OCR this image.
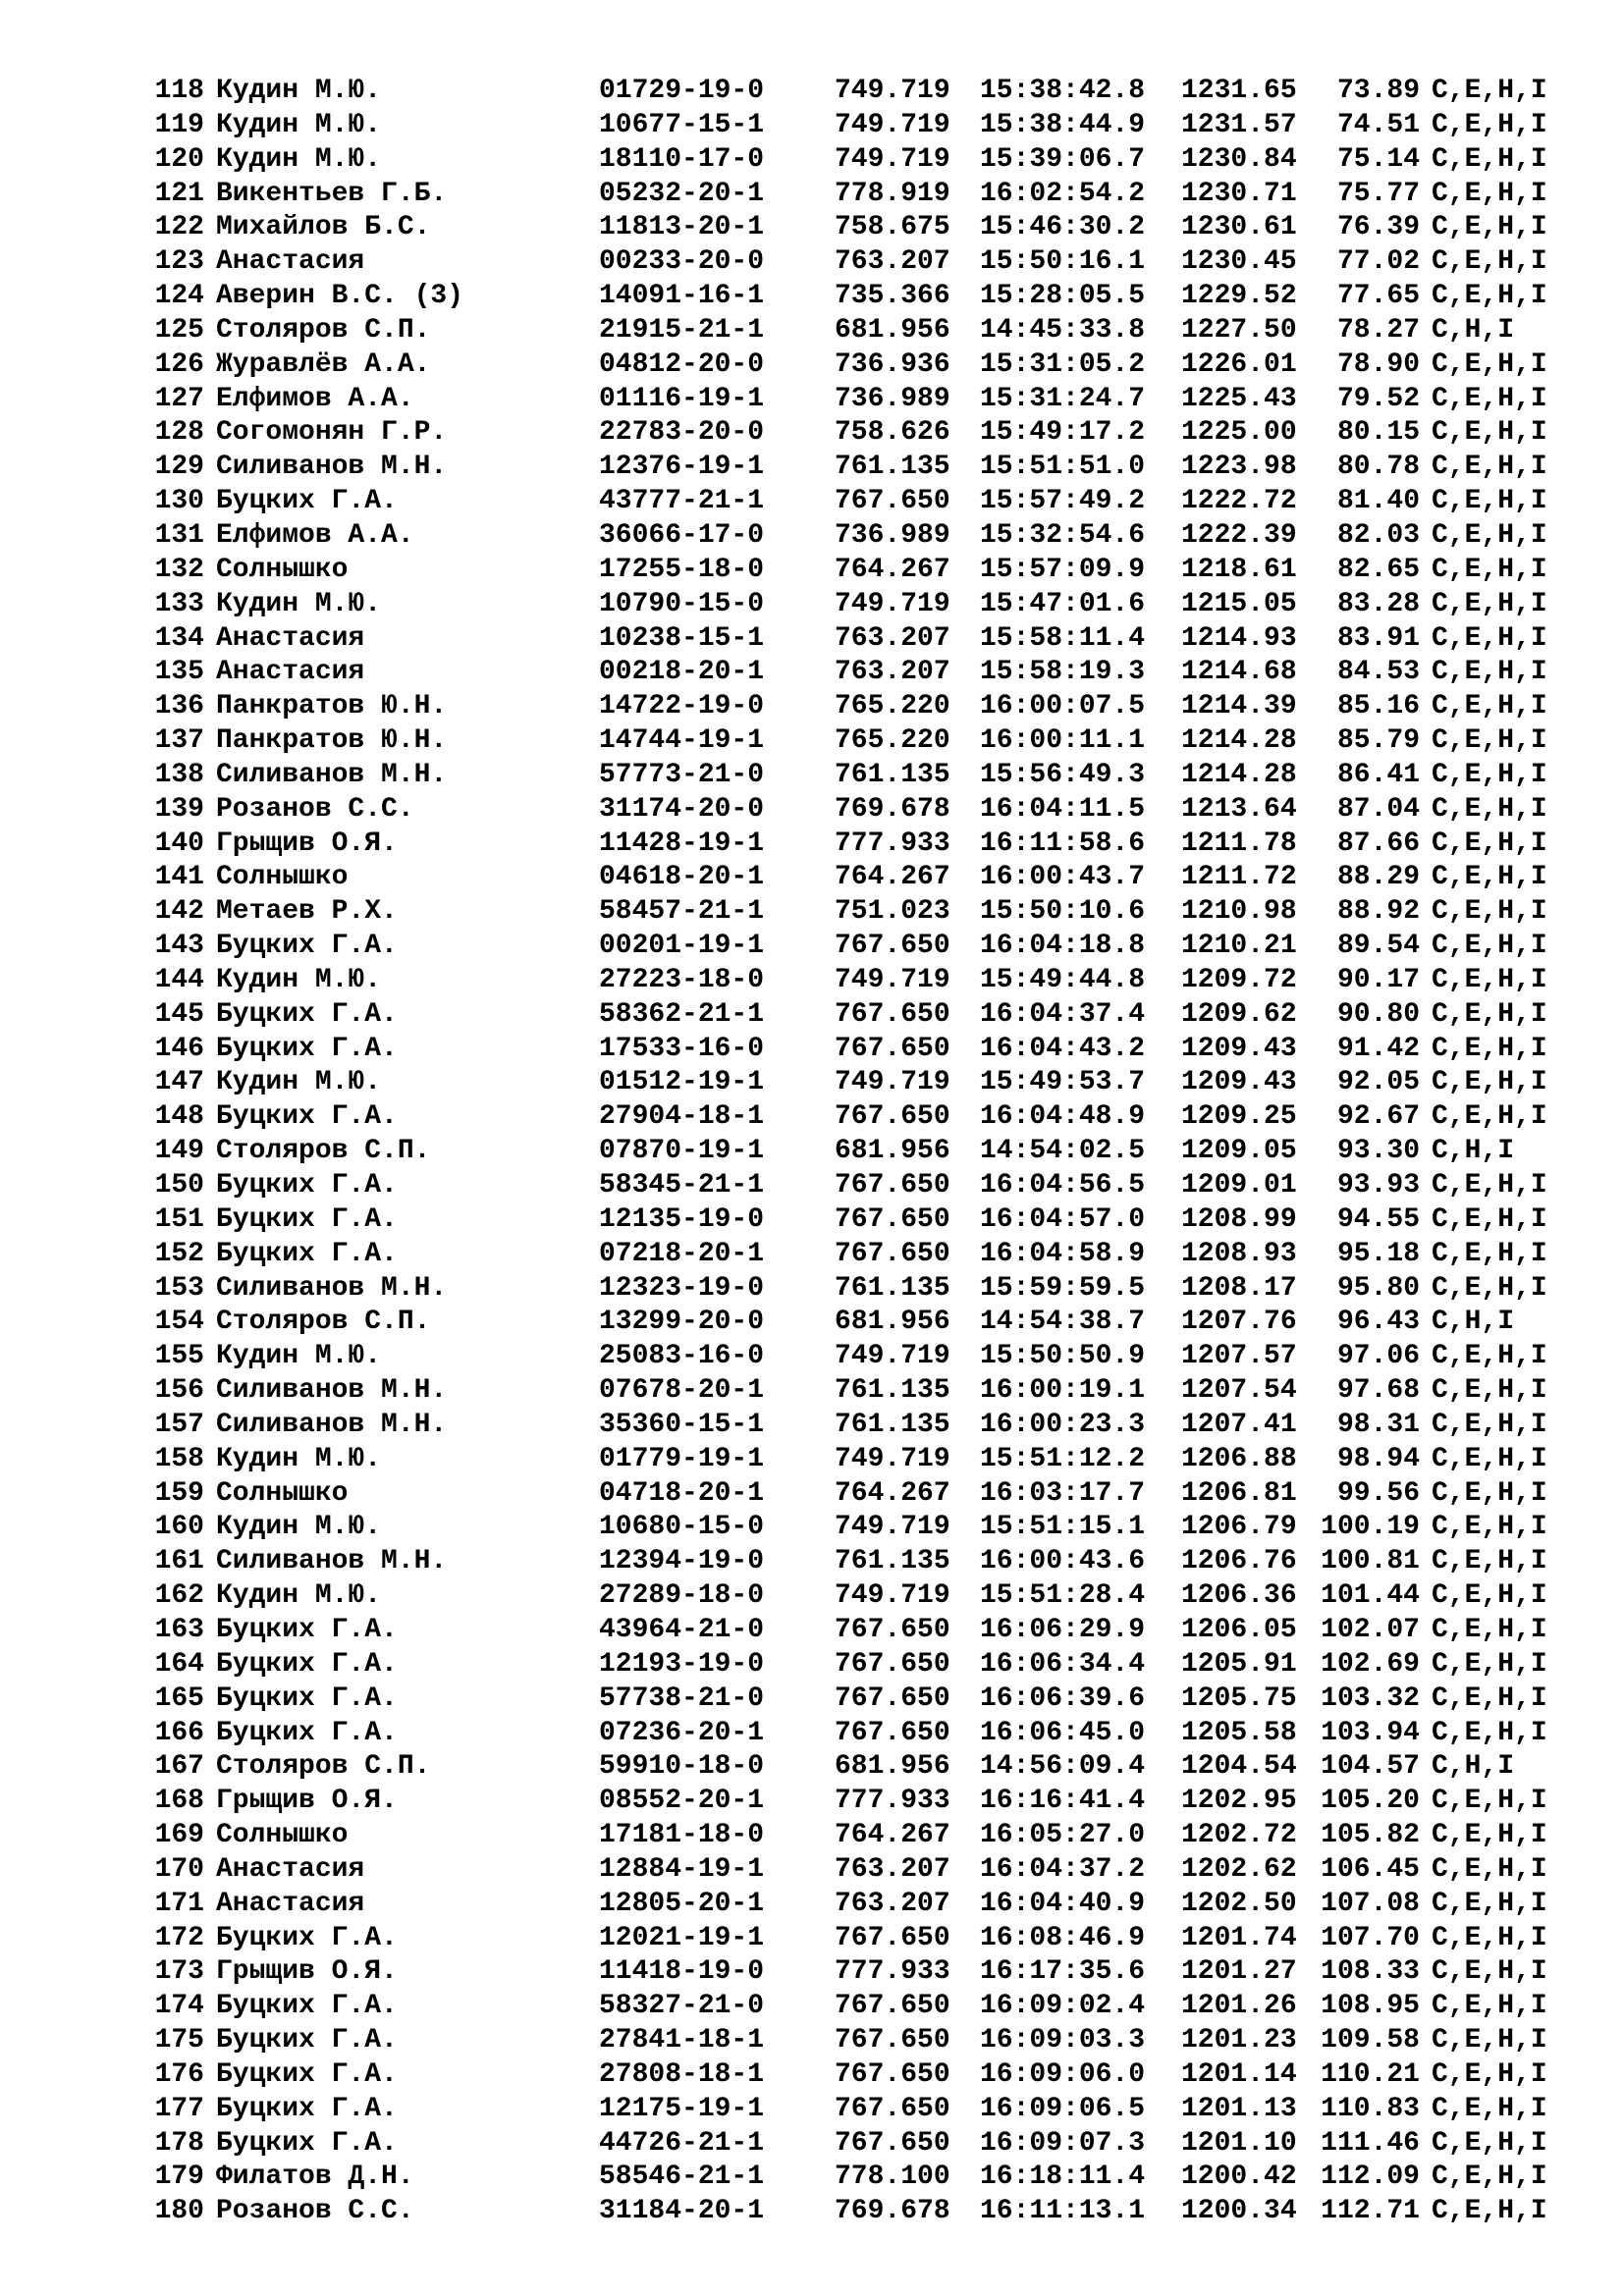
118 Кудин М.Ю.	01729-19-0	749.719 15:38:42.8 1231.65	73.89 C,E,H,I
119 Кудин М.Ю.	10677-15-1	749.719 15:38:44.9 1231.57	74.51 C,E,H,I
120 Кудин М.Ю.	18110-17-0	749.719 15:39:06.7 1230.84	75.14 C,E,H,I
121 Викентьев Г.Б.	05232-20-1	778.919 16:02:54.2 1230.71	75.77 C,E,H,I
122 Михайлов Б.С.	11813-20-1	758.675 15:46:30.2 1230.61	76.39 C,E,H,I
123 Анастасия	00233-20-0	763.207 15:50:16.1 1230.45	77.02 C,E,H,I
124 Аверин В.С. (3)	14091-16-1	735.366 15:28:05.5 1229.52	77.65 C,E,H,I
125 Столяров С.П.	21915-21-1	681.956 14:45:33.8 1227.50	78.27 C,H,I
126 Журавлёв А.А.	04812-20-0	736.936 15:31:05.2 1226.01	78.90 C,E,H,I
127 Елфимов А.А.	01116-19-1	736.989 15:31:24.7 1225.43	79.52 C,E,H,I
128 Согомонян Г.Р.	22783-20-0	758.626 15:49:17.2 1225.00	80.15 C,E,H,I
129 Силиванов М.Н.	12376-19-1	761.135 15:51:51.0 1223.98	80.78 C,E,H,I
130 Буцких Г.А.	43777-21-1	767.650 15:57:49.2 1222.72	81.40 C,E,H,I
131 Елфимов А.А.	36066-17-0	736.989 15:32:54.6 1222.39	82.03 C,E,H,I
132 Солнышко	17255-18-0	764.267 15:57:09.9 1218.61	82.65 C,E,H,I
133 Кудин М.Ю.	10790-15-0	749.719 15:47:01.6 1215.05	83.28 C,E,H,I
134 Анастасия	10238-15-1	763.207 15:58:11.4 1214.93	83.91 C,E,H,I
135 Анастасия	00218-20-1	763.207 15:58:19.3 1214.68	84.53 C,E,H,I
136 Панкратов Ю.Н.	14722-19-0	765.220 16:00:07.5 1214.39	85.16 C,E,H,I
137 Панкратов Ю.Н.	14744-19-1	765.220 16:00:11.1 1214.28	85.79 C,E,H,I
138 Силиванов М.Н.	57773-21-0	761.135 15:56:49.3 1214.28	86.41 C,E,H,I
139 Розанов С.С.	31174-20-0	769.678 16:04:11.5 1213.64	87.04 C,E,H,I
140 Грыщив О.Я.	11428-19-1	777.933 16:11:58.6 1211.78	87.66 C,E,H,I
141 Солнышко	04618-20-1	764.267 16:00:43.7 1211.72	88.29 C,E,H,I
142 Метаев Р.Х.	58457-21-1	751.023 15:50:10.6 1210.98	88.92 C,E,H,I
143 Буцких Г.А.	00201-19-1	767.650 16:04:18.8 1210.21	89.54 C,E,H,I
144 Кудин М.Ю.	27223-18-0	749.719 15:49:44.8 1209.72	90.17 C,E,H,I
145 Буцких Г.А.	58362-21-1	767.650 16:04:37.4 1209.62	90.80 C,E,H,I
146 Буцких Г.А.	17533-16-0	767.650 16:04:43.2 1209.43	91.42 C,E,H,I
147 Кудин М.Ю.	01512-19-1	749.719 15:49:53.7 1209.43	92.05 C,E,H,I
148 Буцких Г.А.	27904-18-1	767.650 16:04:48.9 1209.25	92.67 C,E,H,I
149 Столяров С.П.	07870-19-1	681.956 14:54:02.5 1209.05	93.30 C,H,I
150 Буцких Г.А.	58345-21-1	767.650 16:04:56.5 1209.01	93.93 C,E,H,I
151 Буцких Г.А.	12135-19-0	767.650 16:04:57.0 1208.99	94.55 C,E,H,I
152 Буцких Г.А.	07218-20-1	767.650 16:04:58.9 1208.93	95.18 C,E,H,I
153 Силиванов М.Н.	12323-19-0	761.135 15:59:59.5 1208.17	95.80 C,E,H,I
154 Столяров С.П.	13299-20-0	681.956 14:54:38.7 1207.76	96.43 C,H,I
155 Кудин М.Ю.	25083-16-0	749.719 15:50:50.9 1207.57	97.06 C,E,H,I
156 Силиванов М.Н.	07678-20-1	761.135 16:00:19.1 1207.54	97.68 C,E,H,I
157 Силиванов М.Н.	35360-15-1	761.135 16:00:23.3 1207.41	98.31 C,E,H,I
158 Кудин М.Ю.	01779-19-1	749.719 15:51:12.2 1206.88	98.94 C,E,H,I
159 Солнышко	04718-20-1	764.267 16:03:17.7 1206.81	99.56 C,E,H,I
160 Кудин М.Ю.	10680-15-0	749.719 15:51:15.1 1206.79 100.19 C,E,H,I
161 Силиванов М.Н.	12394-19-0	761.135 16:00:43.6 1206.76 100.81 C,E,H,I
162 Кудин М.Ю.	27289-18-0	749.719 15:51:28.4 1206.36 101.44 C,E,H,I
163 Буцких Г.А.	43964-21-0	767.650 16:06:29.9 1206.05 102.07 C,E,H,I
164 Буцких Г.А.	12193-19-0	767.650 16:06:34.4 1205.91 102.69 C,E,H,I
165 Буцких Г.А.	57738-21-0	767.650 16:06:39.6 1205.75 103.32 C,E,H,I
166 Буцких Г.А.	07236-20-1	767.650 16:06:45.0 1205.58 103.94 C,E,H,I
167 Столяров С.П.	59910-18-0	681.956 14:56:09.4 1204.54 104.57 C,H,I
168 Грыщив О.Я.	08552-20-1	777.933 16:16:41.4 1202.95 105.20 C,E,H,I
169 Солнышко	17181-18-0	764.267 16:05:27.0 1202.72 105.82 C,E,H,I
170 Анастасия	12884-19-1	763.207 16:04:37.2 1202.62 106.45 C,E,H,I
171 Анастасия	12805-20-1	763.207 16:04:40.9 1202.50 107.08 C,E,H,I
172 Буцких Г.А.	12021-19-1	767.650 16:08:46.9 1201.74 107.70 C,E,H,I
173 Грыщив О.Я.	11418-19-0	777.933 16:17:35.6 1201.27 108.33 C,E,H,I
174 Буцких Г.А.	58327-21-0	767.650 16:09:02.4 1201.26 108.95 C,E,H,I
175 Буцких Г.А.	27841-18-1	767.650 16:09:03.3 1201.23 109.58 C,E,H,I
176 Буцких Г.А.	27808-18-1	767.650 16:09:06.0 1201.14 110.21 C,E,H,I
177 Буцких Г.А.	12175-19-1	767.650 16:09:06.5 1201.13 110.83 C,E,H,I
178 Буцких Г.А.	44726-21-1	767.650 16:09:07.3 1201.10 111.46 C,E,H,I
179 Филатов Д.Н.	58546-21-1	778.100 16:18:11.4 1200.42 112.09 C,E,H,I
180 Розанов С.С.	31184-20-1	769.678 16:11:13.1 1200.34 112.71 C,E,H,I
